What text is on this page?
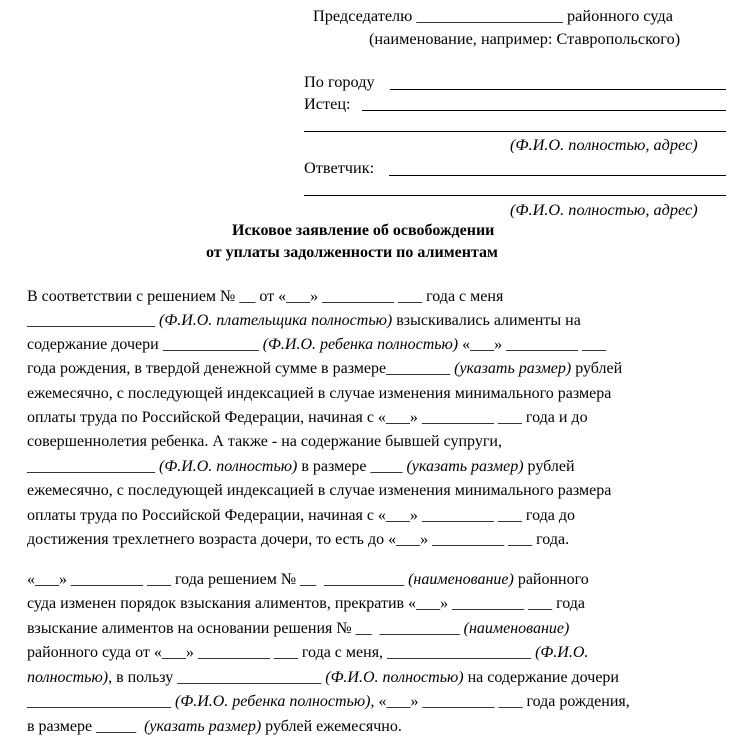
Председателю __________________ районного суда
(наименование, например: Ставропольского)
По городу
Истец:
(Ф.И.О. полностью, адрес)
Ответчик:
(Ф.И.О. полностью, адрес)
Исковое заявление об освобождении
от уплаты задолженности по алиментам
В соответствии с решением № __ от «___» _________ ___ года с меня
________________ (Ф.И.О. плательщика полностью) взыскивались алименты на
содержание дочери ____________ (Ф.И.О. ребенка полностью) «___» _________ ___
года рождения, в твердой денежной сумме в размере________ (указать размер) рублей
ежемесячно, с последующей индексацией в случае изменения минимального размера
оплаты труда по Российской Федерации, начиная с «___» _________ ___ года и до
совершеннолетия ребенка. А также - на содержание бывшей супруги,
________________ (Ф.И.О. полностью) в размере ____ (указать размер) рублей
ежемесячно, с последующей индексацией в случае изменения минимального размера
оплаты труда по Российской Федерации, начиная с «___» _________ ___ года до
достижения трехлетнего возраста дочери, то есть до «___» _________ ___ года.
«___» _________ ___ года решением № __  __________ (наименование) районного
суда изменен порядок взыскания алиментов, прекратив «___» _________ ___ года
взыскание алиментов на основании решения № __  __________ (наименование)
районного суда от «___» _________ ___ года с меня, __________________ (Ф.И.О.
полностью), в пользу __________________ (Ф.И.О. полностью) на содержание дочери
__________________ (Ф.И.О. ребенка полностью), «___» _________ ___ года рождения,
в размере _____  (указать размер) рублей ежемесячно.
